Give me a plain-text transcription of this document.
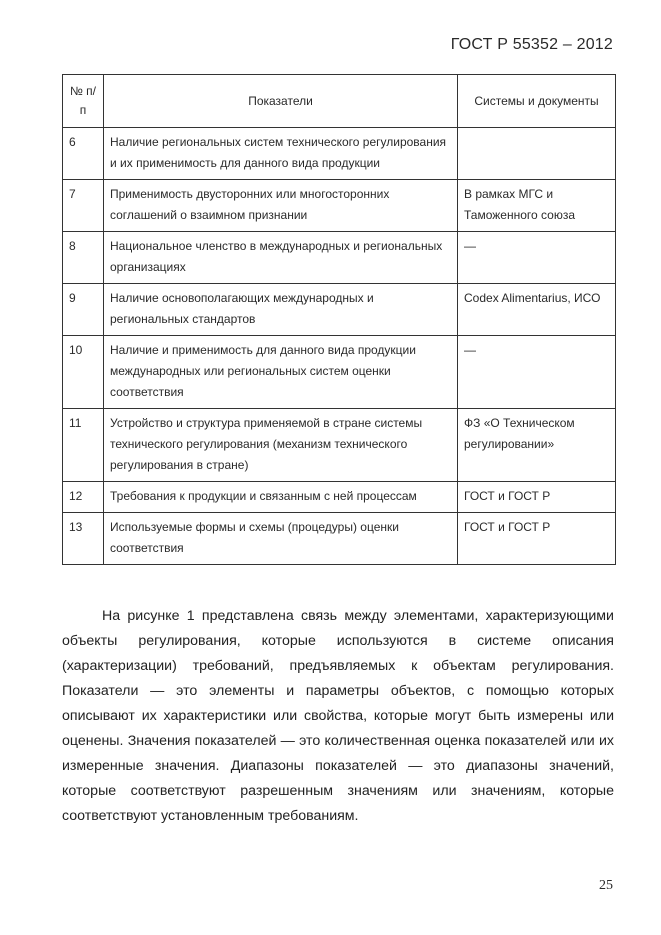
ГОСТ Р 55352 – 2012
№ п/п	Показатели	Системы и документы
6	Наличие региональных систем технического регулирования и их применимость для данного вида продукции	
7	Применимость двусторонних или многосторонних соглашений о взаимном признании	В рамках МГС и Таможенного союза
8	Национальное членство в международных и региональных организациях	—
9	Наличие основополагающих международных и региональных стандартов	Codex Alimentarius, ИСО
10	Наличие и применимость для данного вида продукции международных или региональных систем оценки соответствия	—
11	Устройство и структура применяемой в стране системы технического регулирования (механизм технического регулирования в стране)	ФЗ «О Техническом регулировании»
12	Требования к продукции и связанным с ней процессам	ГОСТ и ГОСТ Р
13	Используемые формы и схемы (процедуры) оценки соответствия	ГОСТ и ГОСТ Р

На рисунке 1 представлена связь между элементами, характеризующими объекты регулирования, которые используются в системе описания (характеризации) требований, предъявляемых к объектам регулирования. Показатели — это элементы и параметры объектов, с помощью которых описывают их характеристики или свойства, которые могут быть измерены или оценены. Значения показателей — это количественная оценка показателей или их измеренные значения. Диапазоны показателей — это диапазоны значений, которые соответствуют разрешенным значениям или значениям, которые соответствуют установленным требованиям.

25
